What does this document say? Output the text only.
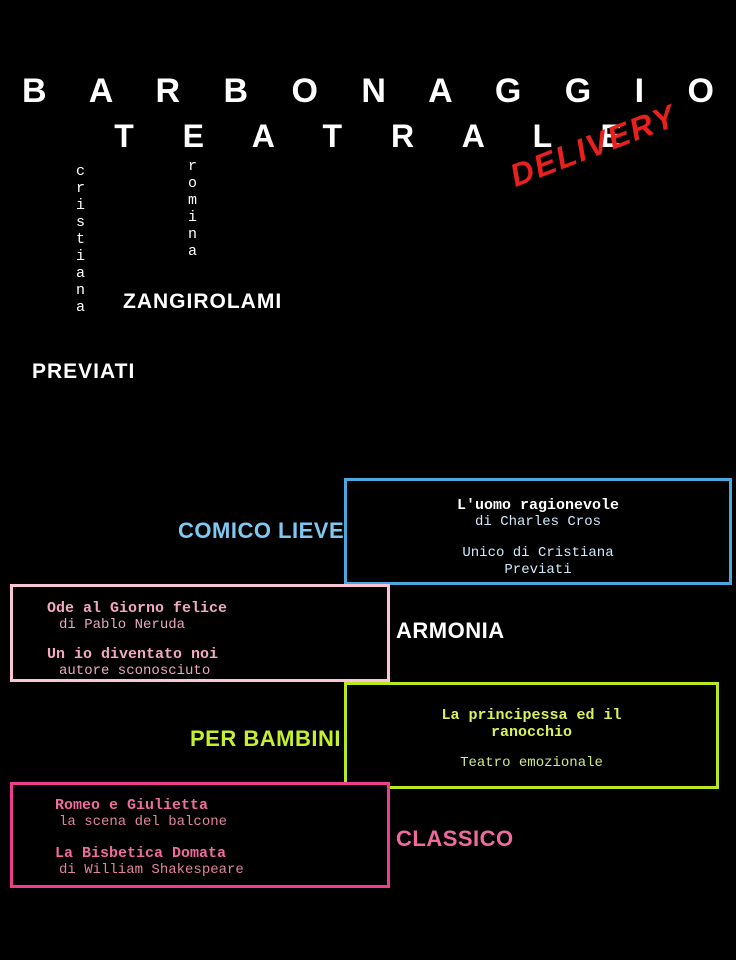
B A R B O N A G G I O
T E A T R A L E
DELIVERY
c
r
i
s
t
i
a
n
a
PREVIATI
r
o
m
i
n
a
ZANGIROLAMI
COMICO LIEVE
ARMONIA
PER BAMBINI
CLASSICO
L'uomo ragionevole
di Charles Cros
Unico di Cristiana
Previati
Ode al Giorno felice
di Pablo Neruda
Un io diventato noi
autore sconosciuto
La principessa ed il
ranocchio
Teatro emozionale
Romeo e Giulietta
la scena del balcone
La Bisbetica Domata
di William Shakespeare
